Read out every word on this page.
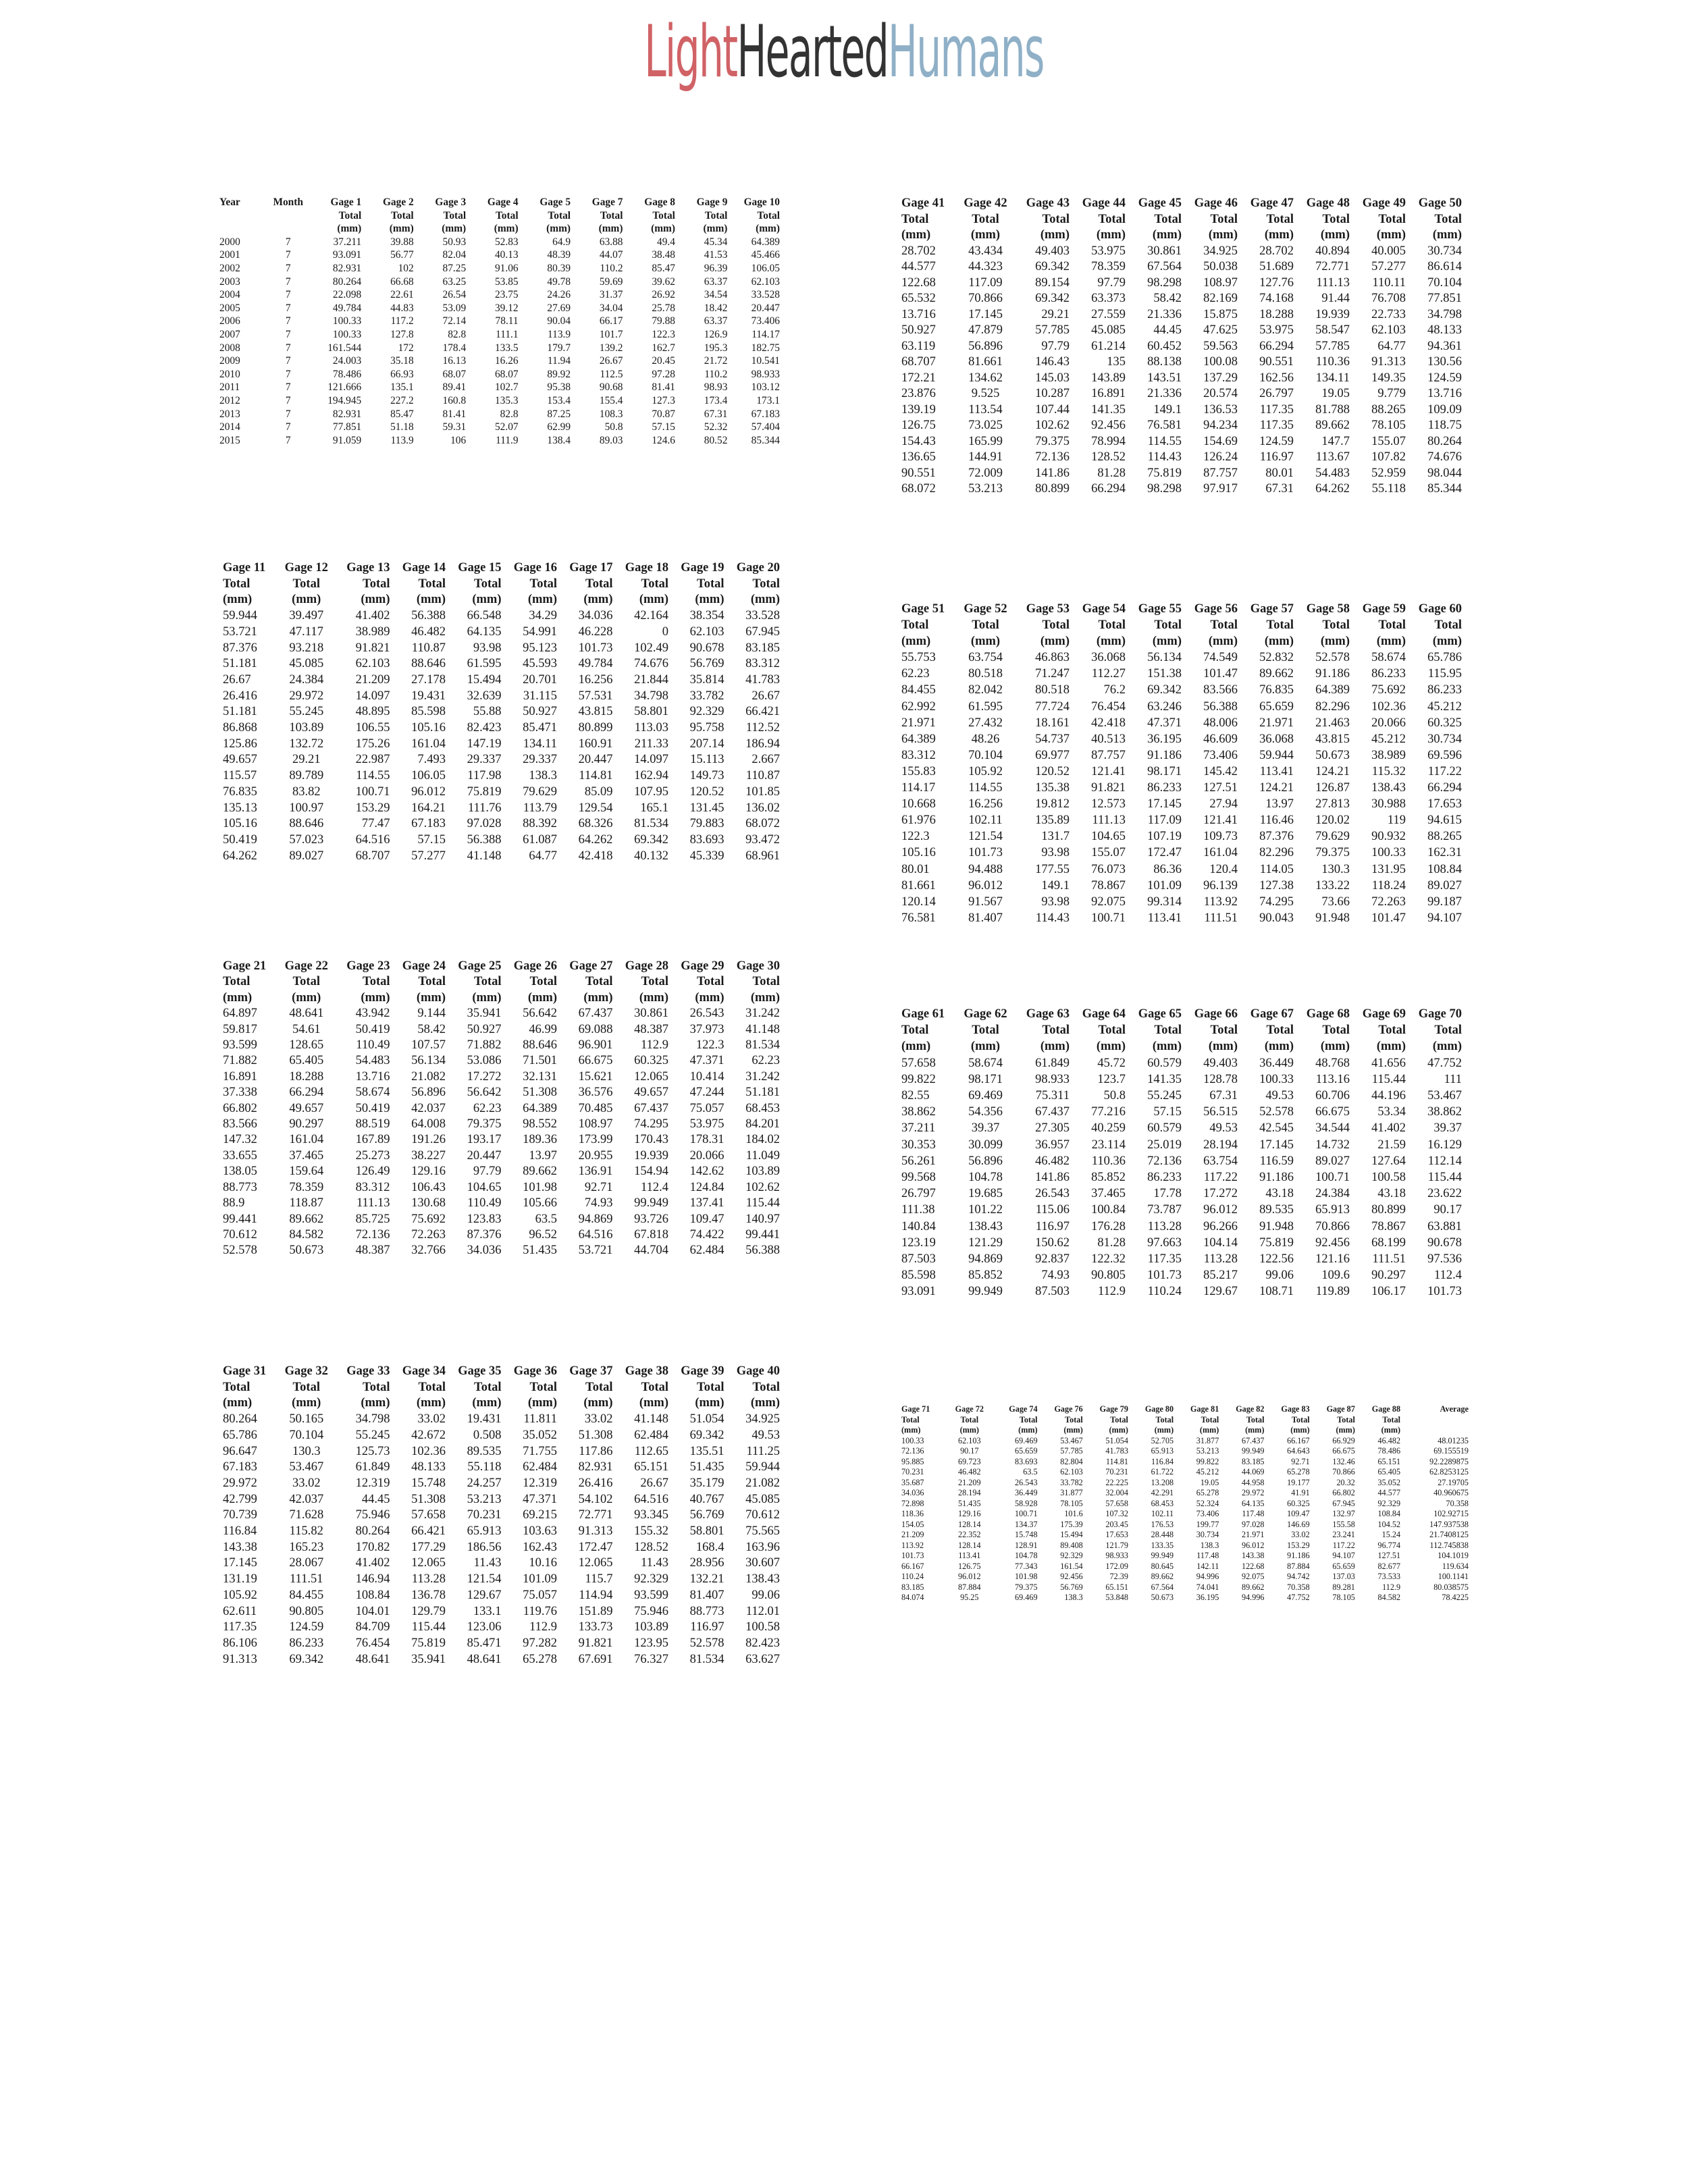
LightHeartedHumans
Year	Month	Gage 1	Gage 2	Gage 3	Gage 4	Gage 5	Gage 7	Gage 8	Gage 9	Gage 10
		Total	Total	Total	Total	Total	Total	Total	Total	Total
		(mm)	(mm)	(mm)	(mm)	(mm)	(mm)	(mm)	(mm)	(mm)
2000	7	37.211	39.88	50.93	52.83	64.9	63.88	49.4	45.34	64.389
2001	7	93.091	56.77	82.04	40.13	48.39	44.07	38.48	41.53	45.466
2002	7	82.931	102	87.25	91.06	80.39	110.2	85.47	96.39	106.05
2003	7	80.264	66.68	63.25	53.85	49.78	59.69	39.62	63.37	62.103
2004	7	22.098	22.61	26.54	23.75	24.26	31.37	26.92	34.54	33.528
2005	7	49.784	44.83	53.09	39.12	27.69	34.04	25.78	18.42	20.447
2006	7	100.33	117.2	72.14	78.11	90.04	66.17	79.88	63.37	73.406
2007	7	100.33	127.8	82.8	111.1	113.9	101.7	122.3	126.9	114.17
2008	7	161.544	172	178.4	133.5	179.7	139.2	162.7	195.3	182.75
2009	7	24.003	35.18	16.13	16.26	11.94	26.67	20.45	21.72	10.541
2010	7	78.486	66.93	68.07	68.07	89.92	112.5	97.28	110.2	98.933
2011	7	121.666	135.1	89.41	102.7	95.38	90.68	81.41	98.93	103.12
2012	7	194.945	227.2	160.8	135.3	153.4	155.4	127.3	173.4	173.1
2013	7	82.931	85.47	81.41	82.8	87.25	108.3	70.87	67.31	67.183
2014	7	77.851	51.18	59.31	52.07	62.99	50.8	57.15	52.32	57.404
2015	7	91.059	113.9	106	111.9	138.4	89.03	124.6	80.52	85.344
Gage 41	Gage 42	Gage 43	Gage 44	Gage 45	Gage 46	Gage 47	Gage 48	Gage 49	Gage 50
Total	Total	Total	Total	Total	Total	Total	Total	Total	Total
(mm)	(mm)	(mm)	(mm)	(mm)	(mm)	(mm)	(mm)	(mm)	(mm)
28.702	43.434	49.403	53.975	30.861	34.925	28.702	40.894	40.005	30.734
44.577	44.323	69.342	78.359	67.564	50.038	51.689	72.771	57.277	86.614
122.68	117.09	89.154	97.79	98.298	108.97	127.76	111.13	110.11	70.104
65.532	70.866	69.342	63.373	58.42	82.169	74.168	91.44	76.708	77.851
13.716	17.145	29.21	27.559	21.336	15.875	18.288	19.939	22.733	34.798
50.927	47.879	57.785	45.085	44.45	47.625	53.975	58.547	62.103	48.133
63.119	56.896	97.79	61.214	60.452	59.563	66.294	57.785	64.77	94.361
68.707	81.661	146.43	135	88.138	100.08	90.551	110.36	91.313	130.56
172.21	134.62	145.03	143.89	143.51	137.29	162.56	134.11	149.35	124.59
23.876	9.525	10.287	16.891	21.336	20.574	26.797	19.05	9.779	13.716
139.19	113.54	107.44	141.35	149.1	136.53	117.35	81.788	88.265	109.09
126.75	73.025	102.62	92.456	76.581	94.234	117.35	89.662	78.105	118.75
154.43	165.99	79.375	78.994	114.55	154.69	124.59	147.7	155.07	80.264
136.65	144.91	72.136	128.52	114.43	126.24	116.97	113.67	107.82	74.676
90.551	72.009	141.86	81.28	75.819	87.757	80.01	54.483	52.959	98.044
68.072	53.213	80.899	66.294	98.298	97.917	67.31	64.262	55.118	85.344
Gage 11	Gage 12	Gage 13	Gage 14	Gage 15	Gage 16	Gage 17	Gage 18	Gage 19	Gage 20
Total	Total	Total	Total	Total	Total	Total	Total	Total	Total
(mm)	(mm)	(mm)	(mm)	(mm)	(mm)	(mm)	(mm)	(mm)	(mm)
59.944	39.497	41.402	56.388	66.548	34.29	34.036	42.164	38.354	33.528
53.721	47.117	38.989	46.482	64.135	54.991	46.228	0	62.103	67.945
87.376	93.218	91.821	110.87	93.98	95.123	101.73	102.49	90.678	83.185
51.181	45.085	62.103	88.646	61.595	45.593	49.784	74.676	56.769	83.312
26.67	24.384	21.209	27.178	15.494	20.701	16.256	21.844	35.814	41.783
26.416	29.972	14.097	19.431	32.639	31.115	57.531	34.798	33.782	26.67
51.181	55.245	48.895	85.598	55.88	50.927	43.815	58.801	92.329	66.421
86.868	103.89	106.55	105.16	82.423	85.471	80.899	113.03	95.758	112.52
125.86	132.72	175.26	161.04	147.19	134.11	160.91	211.33	207.14	186.94
49.657	29.21	22.987	7.493	29.337	29.337	20.447	14.097	15.113	2.667
115.57	89.789	114.55	106.05	117.98	138.3	114.81	162.94	149.73	110.87
76.835	83.82	100.71	96.012	75.819	79.629	85.09	107.95	120.52	101.85
135.13	100.97	153.29	164.21	111.76	113.79	129.54	165.1	131.45	136.02
105.16	88.646	77.47	67.183	97.028	88.392	68.326	81.534	79.883	68.072
50.419	57.023	64.516	57.15	56.388	61.087	64.262	69.342	83.693	93.472
64.262	89.027	68.707	57.277	41.148	64.77	42.418	40.132	45.339	68.961
Gage 51	Gage 52	Gage 53	Gage 54	Gage 55	Gage 56	Gage 57	Gage 58	Gage 59	Gage 60
Total	Total	Total	Total	Total	Total	Total	Total	Total	Total
(mm)	(mm)	(mm)	(mm)	(mm)	(mm)	(mm)	(mm)	(mm)	(mm)
55.753	63.754	46.863	36.068	56.134	74.549	52.832	52.578	58.674	65.786
62.23	80.518	71.247	112.27	151.38	101.47	89.662	91.186	86.233	115.95
84.455	82.042	80.518	76.2	69.342	83.566	76.835	64.389	75.692	86.233
62.992	61.595	77.724	76.454	63.246	56.388	65.659	82.296	102.36	45.212
21.971	27.432	18.161	42.418	47.371	48.006	21.971	21.463	20.066	60.325
64.389	48.26	54.737	40.513	36.195	46.609	36.068	43.815	45.212	30.734
83.312	70.104	69.977	87.757	91.186	73.406	59.944	50.673	38.989	69.596
155.83	105.92	120.52	121.41	98.171	145.42	113.41	124.21	115.32	117.22
114.17	114.55	135.38	91.821	86.233	127.51	124.21	126.87	138.43	66.294
10.668	16.256	19.812	12.573	17.145	27.94	13.97	27.813	30.988	17.653
61.976	102.11	135.89	111.13	117.09	121.41	116.46	120.02	119	94.615
122.3	121.54	131.7	104.65	107.19	109.73	87.376	79.629	90.932	88.265
105.16	101.73	93.98	155.07	172.47	161.04	82.296	79.375	100.33	162.31
80.01	94.488	177.55	76.073	86.36	120.4	114.05	130.3	131.95	108.84
81.661	96.012	149.1	78.867	101.09	96.139	127.38	133.22	118.24	89.027
120.14	91.567	93.98	92.075	99.314	113.92	74.295	73.66	72.263	99.187
76.581	81.407	114.43	100.71	113.41	111.51	90.043	91.948	101.47	94.107
Gage 21	Gage 22	Gage 23	Gage 24	Gage 25	Gage 26	Gage 27	Gage 28	Gage 29	Gage 30
Total	Total	Total	Total	Total	Total	Total	Total	Total	Total
(mm)	(mm)	(mm)	(mm)	(mm)	(mm)	(mm)	(mm)	(mm)	(mm)
64.897	48.641	43.942	9.144	35.941	56.642	67.437	30.861	26.543	31.242
59.817	54.61	50.419	58.42	50.927	46.99	69.088	48.387	37.973	41.148
93.599	128.65	110.49	107.57	71.882	88.646	96.901	112.9	122.3	81.534
71.882	65.405	54.483	56.134	53.086	71.501	66.675	60.325	47.371	62.23
16.891	18.288	13.716	21.082	17.272	32.131	15.621	12.065	10.414	31.242
37.338	66.294	58.674	56.896	56.642	51.308	36.576	49.657	47.244	51.181
66.802	49.657	50.419	42.037	62.23	64.389	70.485	67.437	75.057	68.453
83.566	90.297	88.519	64.008	79.375	98.552	108.97	74.295	53.975	84.201
147.32	161.04	167.89	191.26	193.17	189.36	173.99	170.43	178.31	184.02
33.655	37.465	25.273	38.227	20.447	13.97	20.955	19.939	20.066	11.049
138.05	159.64	126.49	129.16	97.79	89.662	136.91	154.94	142.62	103.89
88.773	78.359	83.312	106.43	104.65	101.98	92.71	112.4	124.84	102.62
88.9	118.87	111.13	130.68	110.49	105.66	74.93	99.949	137.41	115.44
99.441	89.662	85.725	75.692	123.83	63.5	94.869	93.726	109.47	140.97
70.612	84.582	72.136	72.263	87.376	96.52	64.516	67.818	74.422	99.441
52.578	50.673	48.387	32.766	34.036	51.435	53.721	44.704	62.484	56.388
Gage 61	Gage 62	Gage 63	Gage 64	Gage 65	Gage 66	Gage 67	Gage 68	Gage 69	Gage 70
Total	Total	Total	Total	Total	Total	Total	Total	Total	Total
(mm)	(mm)	(mm)	(mm)	(mm)	(mm)	(mm)	(mm)	(mm)	(mm)
57.658	58.674	61.849	45.72	60.579	49.403	36.449	48.768	41.656	47.752
99.822	98.171	98.933	123.7	141.35	128.78	100.33	113.16	115.44	111
82.55	69.469	75.311	50.8	55.245	67.31	49.53	60.706	44.196	53.467
38.862	54.356	67.437	77.216	57.15	56.515	52.578	66.675	53.34	38.862
37.211	39.37	27.305	40.259	60.579	49.53	42.545	34.544	41.402	39.37
30.353	30.099	36.957	23.114	25.019	28.194	17.145	14.732	21.59	16.129
56.261	56.896	46.482	110.36	72.136	63.754	116.59	89.027	127.64	112.14
99.568	104.78	141.86	85.852	86.233	117.22	91.186	100.71	100.58	115.44
26.797	19.685	26.543	37.465	17.78	17.272	43.18	24.384	43.18	23.622
111.38	101.22	115.06	100.84	73.787	96.012	89.535	65.913	80.899	90.17
140.84	138.43	116.97	176.28	113.28	96.266	91.948	70.866	78.867	63.881
123.19	121.29	150.62	81.28	97.663	104.14	75.819	92.456	68.199	90.678
87.503	94.869	92.837	122.32	117.35	113.28	122.56	121.16	111.51	97.536
85.598	85.852	74.93	90.805	101.73	85.217	99.06	109.6	90.297	112.4
93.091	99.949	87.503	112.9	110.24	129.67	108.71	119.89	106.17	101.73
Gage 31	Gage 32	Gage 33	Gage 34	Gage 35	Gage 36	Gage 37	Gage 38	Gage 39	Gage 40
Total	Total	Total	Total	Total	Total	Total	Total	Total	Total
(mm)	(mm)	(mm)	(mm)	(mm)	(mm)	(mm)	(mm)	(mm)	(mm)
80.264	50.165	34.798	33.02	19.431	11.811	33.02	41.148	51.054	34.925
65.786	70.104	55.245	42.672	0.508	35.052	51.308	62.484	69.342	49.53
96.647	130.3	125.73	102.36	89.535	71.755	117.86	112.65	135.51	111.25
67.183	53.467	61.849	48.133	55.118	62.484	82.931	65.151	51.435	59.944
29.972	33.02	12.319	15.748	24.257	12.319	26.416	26.67	35.179	21.082
42.799	42.037	44.45	51.308	53.213	47.371	54.102	64.516	40.767	45.085
70.739	71.628	75.946	57.658	70.231	69.215	72.771	93.345	56.769	70.612
116.84	115.82	80.264	66.421	65.913	103.63	91.313	155.32	58.801	75.565
143.38	165.23	170.82	177.29	186.56	162.43	172.47	128.52	168.4	163.96
17.145	28.067	41.402	12.065	11.43	10.16	12.065	11.43	28.956	30.607
131.19	111.51	146.94	113.28	121.54	101.09	115.7	92.329	132.21	138.43
105.92	84.455	108.84	136.78	129.67	75.057	114.94	93.599	81.407	99.06
62.611	90.805	104.01	129.79	133.1	119.76	151.89	75.946	88.773	112.01
117.35	124.59	84.709	115.44	123.06	112.9	133.73	103.89	116.97	100.58
86.106	86.233	76.454	75.819	85.471	97.282	91.821	123.95	52.578	82.423
91.313	69.342	48.641	35.941	48.641	65.278	67.691	76.327	81.534	63.627
Gage 71	Gage 72	Gage 74	Gage 76	Gage 79	Gage 80	Gage 81	Gage 82	Gage 83	Gage 87	Gage 88	Average
Total	Total	Total	Total	Total	Total	Total	Total	Total	Total	Total	
(mm)	(mm)	(mm)	(mm)	(mm)	(mm)	(mm)	(mm)	(mm)	(mm)	(mm)	
100.33	62.103	69.469	53.467	51.054	52.705	31.877	67.437	66.167	66.929	46.482	48.01235
72.136	90.17	65.659	57.785	41.783	65.913	53.213	99.949	64.643	66.675	78.486	69.155519
95.885	69.723	83.693	82.804	114.81	116.84	99.822	83.185	92.71	132.46	65.151	92.2289875
70.231	46.482	63.5	62.103	70.231	61.722	45.212	44.069	65.278	70.866	65.405	62.8253125
35.687	21.209	26.543	33.782	22.225	13.208	19.05	44.958	19.177	20.32	35.052	27.19705
34.036	28.194	36.449	31.877	32.004	42.291	65.278	29.972	41.91	66.802	44.577	40.960675
72.898	51.435	58.928	78.105	57.658	68.453	52.324	64.135	60.325	67.945	92.329	70.358
118.36	129.16	100.71	101.6	107.32	102.11	73.406	117.48	109.47	132.97	108.84	102.92715
154.05	128.14	134.37	175.39	203.45	176.53	199.77	97.028	146.69	155.58	104.52	147.937538
21.209	22.352	15.748	15.494	17.653	28.448	30.734	21.971	33.02	23.241	15.24	21.7408125
113.92	128.14	128.91	89.408	121.79	133.35	138.3	96.012	153.29	117.22	96.774	112.745838
101.73	113.41	104.78	92.329	98.933	99.949	117.48	143.38	91.186	94.107	127.51	104.1019
66.167	126.75	77.343	161.54	172.09	80.645	142.11	122.68	87.884	65.659	82.677	119.634
110.24	96.012	101.98	92.456	72.39	89.662	94.996	92.075	94.742	137.03	73.533	100.1141
83.185	87.884	79.375	56.769	65.151	67.564	74.041	89.662	70.358	89.281	112.9	80.038575
84.074	95.25	69.469	138.3	53.848	50.673	36.195	94.996	47.752	78.105	84.582	78.4225
